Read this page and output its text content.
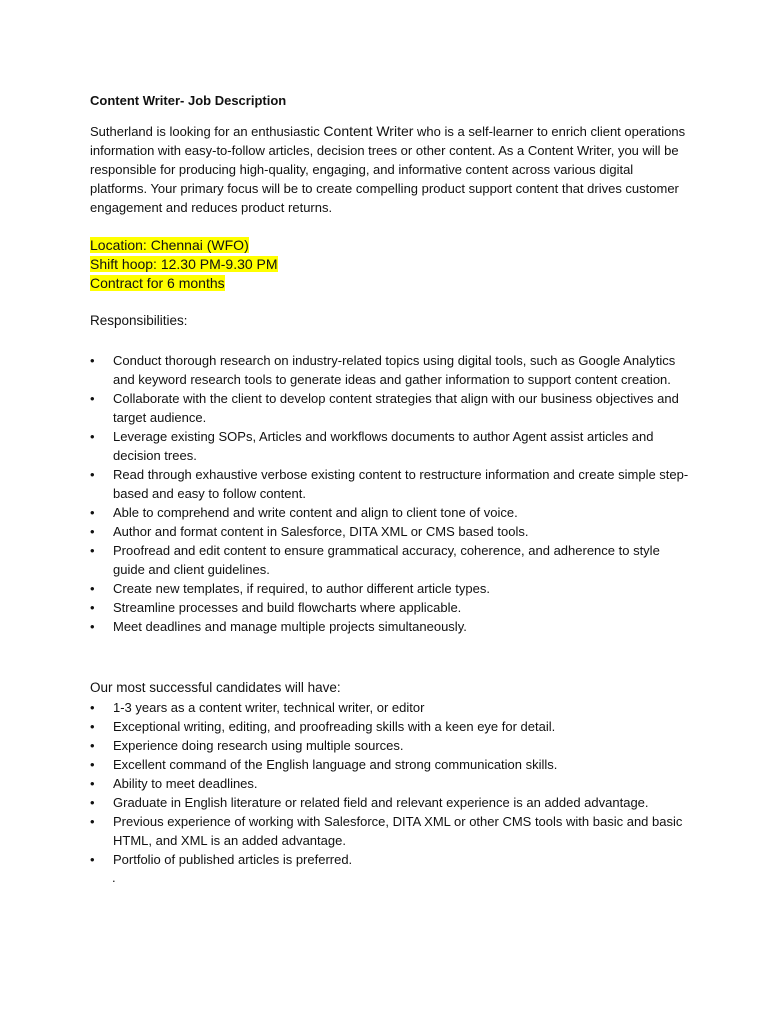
Content Writer- Job Description
Sutherland is looking for an enthusiastic Content Writer who is a self-learner to enrich client operations information with easy-to-follow articles, decision trees or other content. As a Content Writer, you will be responsible for producing high-quality, engaging, and informative content across various digital platforms. Your primary focus will be to create compelling product support content that drives customer engagement and reduces product returns.
Location: Chennai (WFO)
Shift hoop: 12.30 PM-9.30 PM
Contract for 6 months
Responsibilities:
• Conduct thorough research on industry-related topics using digital tools, such as Google Analytics and keyword research tools to generate ideas and gather information to support content creation.
• Collaborate with the client to develop content strategies that align with our business objectives and target audience.
• Leverage existing SOPs, Articles and workflows documents to author Agent assist articles and decision trees.
• Read through exhaustive verbose existing content to restructure information and create simple step-based and easy to follow content.
• Able to comprehend and write content and align to client tone of voice.
• Author and format content in Salesforce, DITA XML or CMS based tools.
• Proofread and edit content to ensure grammatical accuracy, coherence, and adherence to style guide and client guidelines.
• Create new templates, if required, to author different article types.
• Streamline processes and build flowcharts where applicable.
• Meet deadlines and manage multiple projects simultaneously.
Our most successful candidates will have:
• 1-3 years as a content writer, technical writer, or editor
• Exceptional writing, editing, and proofreading skills with a keen eye for detail.
• Experience doing research using multiple sources.
• Excellent command of the English language and strong communication skills.
• Ability to meet deadlines.
• Graduate in English literature or related field and relevant experience is an added advantage.
• Previous experience of working with Salesforce, DITA XML or other CMS tools with basic and basic HTML, and XML is an added advantage.
• Portfolio of published articles is preferred.
.
